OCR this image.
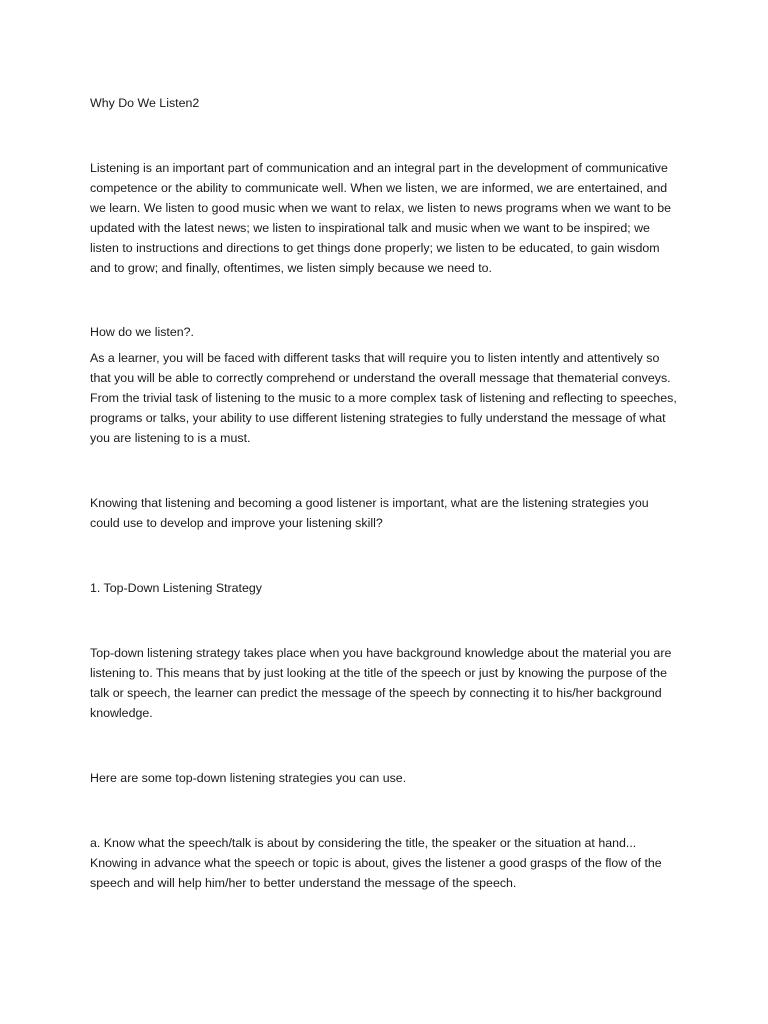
Why Do We Listen2

Listening is an important part of communication and an integral part in the development of communicative competence or the ability to communicate well. When we listen, we are informed, we are entertained, and we learn. We listen to good music when we want to relax, we listen to news programs when we want to be updated with the latest news; we listen to inspirational talk and music when we want to be inspired; we listen to instructions and directions to get things done properly; we listen to be educated, to gain wisdom and to grow; and finally, oftentimes, we listen simply because we need to.

How do we listen?.

As a learner, you will be faced with different tasks that will require you to listen intently and attentively so that you will be able to correctly comprehend or understand the overall message that thematerial conveys. From the trivial task of listening to the music to a more complex task of listening and reflecting to speeches, programs or talks, your ability to use different listening strategies to fully understand the message of what you are listening to is a must.

Knowing that listening and becoming a good listener is important, what are the listening strategies you could use to develop and improve your listening skill?

1. Top-Down Listening Strategy

Top-down listening strategy takes place when you have background knowledge about the material you are listening to. This means that by just looking at the title of the speech or just by knowing the purpose of the talk or speech, the learner can predict the message of the speech by connecting it to his/her background knowledge.

Here are some top-down listening strategies you can use.

a. Know what the speech/talk is about by considering the title, the speaker or the situation at hand... Knowing in advance what the speech or topic is about, gives the listener a good grasps of the flow of the speech and will help him/her to better understand the message of the speech.
